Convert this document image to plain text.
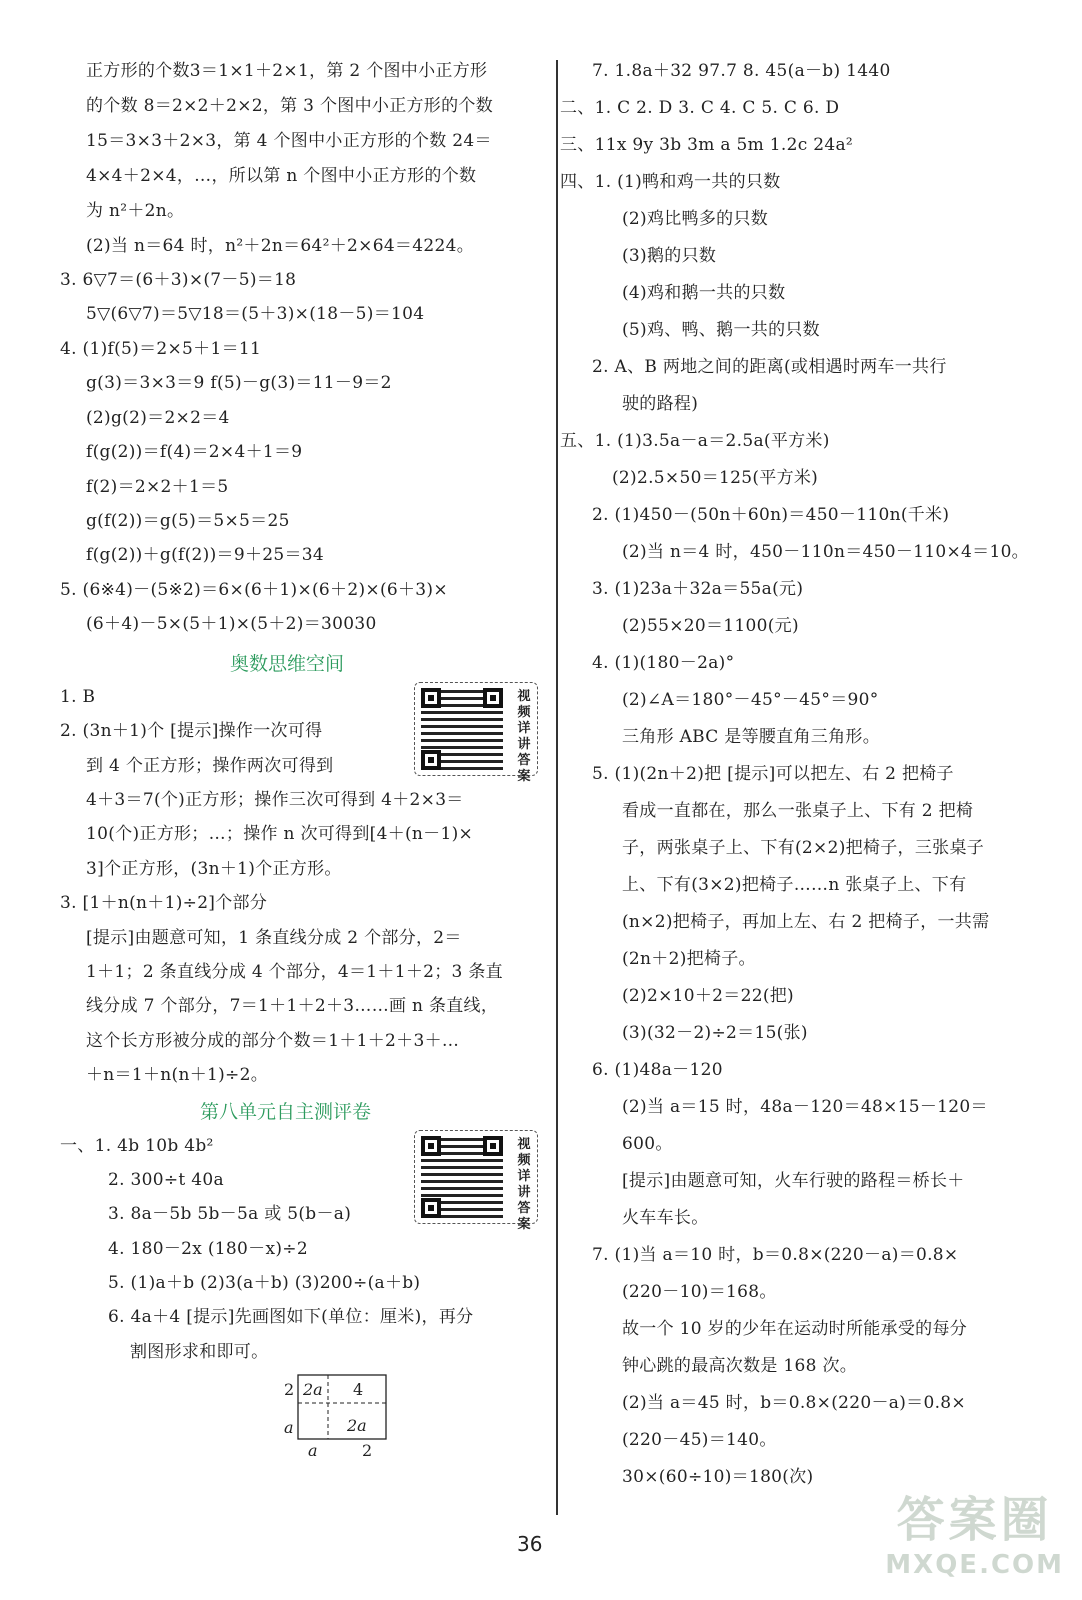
正方形的个数3＝1×1＋2×1，第 2 个图中小正方形
的个数 8＝2×2＋2×2，第 3 个图中小正方形的个数
15＝3×3＋2×3，第 4 个图中小正方形的个数 24＝
4×4＋2×4，…，所以第 n 个图中小正方形的个数
为 n²＋2n。
(2)当 n＝64 时，n²＋2n＝64²＋2×64＝4224。
3. 6▽7＝(6＋3)×(7－5)＝18
5▽(6▽7)＝5▽18＝(5＋3)×(18－5)＝104
4. (1)f(5)＝2×5＋1＝11
g(3)＝3×3＝9 f(5)－g(3)＝11－9＝2
(2)g(2)＝2×2＝4
f(g(2))＝f(4)＝2×4＋1＝9
f(2)＝2×2＋1＝5
g(f(2))＝g(5)＝5×5＝25
f(g(2))＋g(f(2))＝9＋25＝34
5. (6※4)－(5※2)＝6×(6＋1)×(6＋2)×(6＋3)×
(6＋4)－5×(5＋1)×(5＋2)＝30030
奥数思维空间
1. B
2. (3n＋1)个 [提示]操作一次可得
到 4 个正方形；操作两次可得到
4＋3＝7(个)正方形；操作三次可得到 4＋2×3＝
10(个)正方形；…；操作 n 次可得到[4＋(n－1)×
3]个正方形，(3n＋1)个正方形。
3. [1＋n(n＋1)÷2]个部分
[提示]由题意可知，1 条直线分成 2 个部分，2＝
1＋1；2 条直线分成 4 个部分，4＝1＋1＋2；3 条直
线分成 7 个部分，7＝1＋1＋2＋3……画 n 条直线，
这个长方形被分成的部分个数＝1＋1＋2＋3＋…
＋n＝1＋n(n＋1)÷2。
视频详讲答案
第八单元自主测评卷
一、1. 4b 10b 4b²
2. 300÷t 40a
3. 8a－5b 5b－5a 或 5(b－a)
4. 180－2x (180－x)÷2
5. (1)a＋b (2)3(a＋b) (3)200÷(a＋b)
6. 4a＋4 [提示]先画图如下(单位：厘米)，再分
割图形求和即可。
视频详讲答案
2a 4
2a
2
a
a	2
7. 1.8a＋32 97.7 8. 45(a－b) 1440
二、1. C 2. D 3. C 4. C 5. C 6. D
三、11x 9y 3b 3m a 5m 1.2c 24a²
四、1. (1)鸭和鸡一共的只数
(2)鸡比鸭多的只数
(3)鹅的只数
(4)鸡和鹅一共的只数
(5)鸡、鸭、鹅一共的只数
2. A、B 两地之间的距离(或相遇时两车一共行
驶的路程)
五、1. (1)3.5a－a＝2.5a(平方米)
(2)2.5×50＝125(平方米)
2. (1)450－(50n＋60n)＝450－110n(千米)
(2)当 n＝4 时，450－110n＝450－110×4＝10。
3. (1)23a＋32a＝55a(元)
(2)55×20＝1100(元)
4. (1)(180－2a)°
(2)∠A＝180°－45°－45°＝90°
三角形 ABC 是等腰直角三角形。
5. (1)(2n＋2)把 [提示]可以把左、右 2 把椅子
看成一直都在，那么一张桌子上、下有 2 把椅
子，两张桌子上、下有(2×2)把椅子，三张桌子
上、下有(3×2)把椅子……n 张桌子上、下有
(n×2)把椅子，再加上左、右 2 把椅子，一共需
(2n＋2)把椅子。
(2)2×10＋2＝22(把)
(3)(32－2)÷2＝15(张)
6. (1)48a－120
(2)当 a＝15 时，48a－120＝48×15－120＝
600。
[提示]由题意可知，火车行驶的路程＝桥长＋
火车车长。
7. (1)当 a＝10 时，b＝0.8×(220－a)＝0.8×
(220－10)＝168。
故一个 10 岁的少年在运动时所能承受的每分
钟心跳的最高次数是 168 次。
(2)当 a＝45 时，b＝0.8×(220－a)＝0.8×
(220－45)＝140。
30×(60÷10)＝180(次)
36	答案圈
MXQE.COM
